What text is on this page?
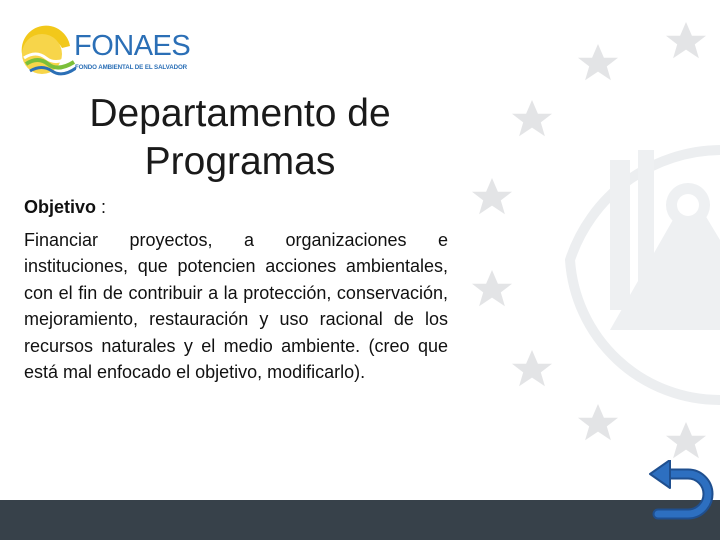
FONAES
FONDO AMBIENTAL DE EL SALVADOR
Departamento de
Programas
Objetivo :

Financiar proyectos, a organizaciones e instituciones, que potencien acciones ambientales, con el fin de contribuir a la protección, conservación, mejoramiento, restauración y uso racional de los recursos naturales y el medio ambiente. (creo que está mal enfocado el objetivo, modificarlo).
